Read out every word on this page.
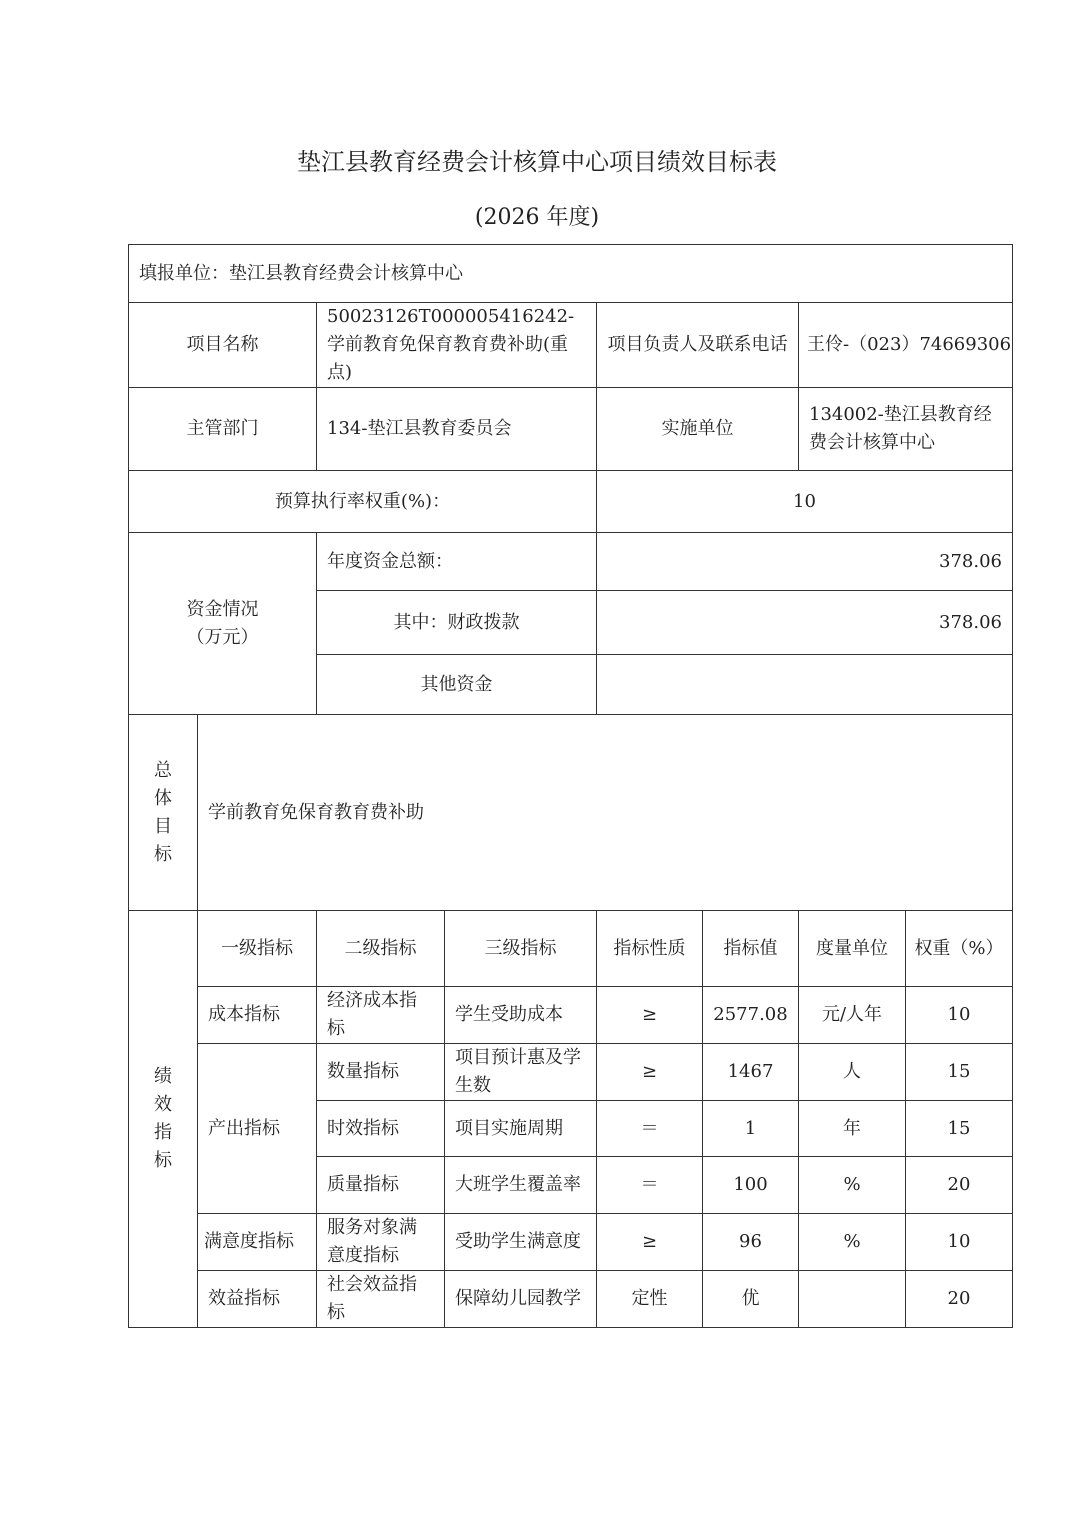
垫江县教育经费会计核算中心项目绩效目标表
(2026 年度)
填报单位：垫江县教育经费会计核算中心							
项目名称		50023126T000005416242-学前教育免保育教育费补助(重点)		项目负责人及联系电话		王伶-（023）74669306	
主管部门		134-垫江县教育委员会		实施单位		134002-垫江县教育经费会计核算中心	
预算执行率权重(%)：				10			
资金情况（万元）		年度资金总额：		378.06			
		其中：财政拨款		378.06			
		其他资金					

总体目标	学前教育免保育教育费补助						

绩效指标	一级指标	二级指标	三级指标	指标性质	指标值	度量单位	权重（%）
	成本指标	经济成本指标	学生受助成本	≥	2577.08	元/人年	10
	产出指标	数量指标	项目预计惠及学生数	≥	1467	人	15
		时效指标	项目实施周期	＝	1	年	15
		质量指标	大班学生覆盖率	＝	100	%	20
	满意度指标	服务对象满意度指标	受助学生满意度	≥	96	%	10
	效益指标	社会效益指标	保障幼儿园教学	定性	优		20
